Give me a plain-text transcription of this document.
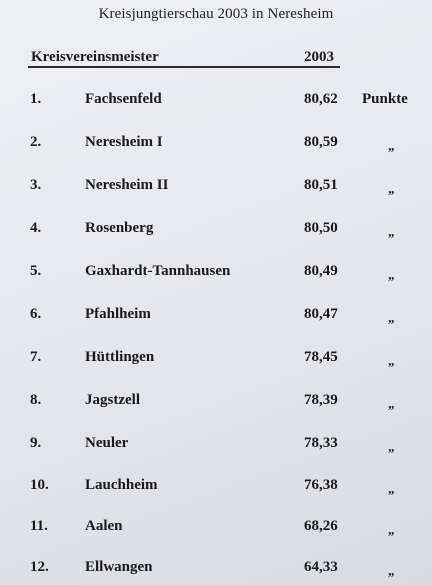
Kreisjungtierschau 2003 in Neresheim
Kreisvereinsmeister	2003
1.	Fachsenfeld	80,62 Punkte
2.	Neresheim I	80,59	„
3.	Neresheim II	80,51	„
4.	Rosenberg	80,50	„
5.	Gaxhardt-Tannhausen	80,49	„
6.	Pfahlheim	80,47	„
7.	Hüttlingen	78,45	„
8.	Jagstzell	78,39	„
9.	Neuler	78,33	„
10. Lauchheim	76,38	„
11. Aalen	68,26	„
12. Ellwangen	64,33	„
